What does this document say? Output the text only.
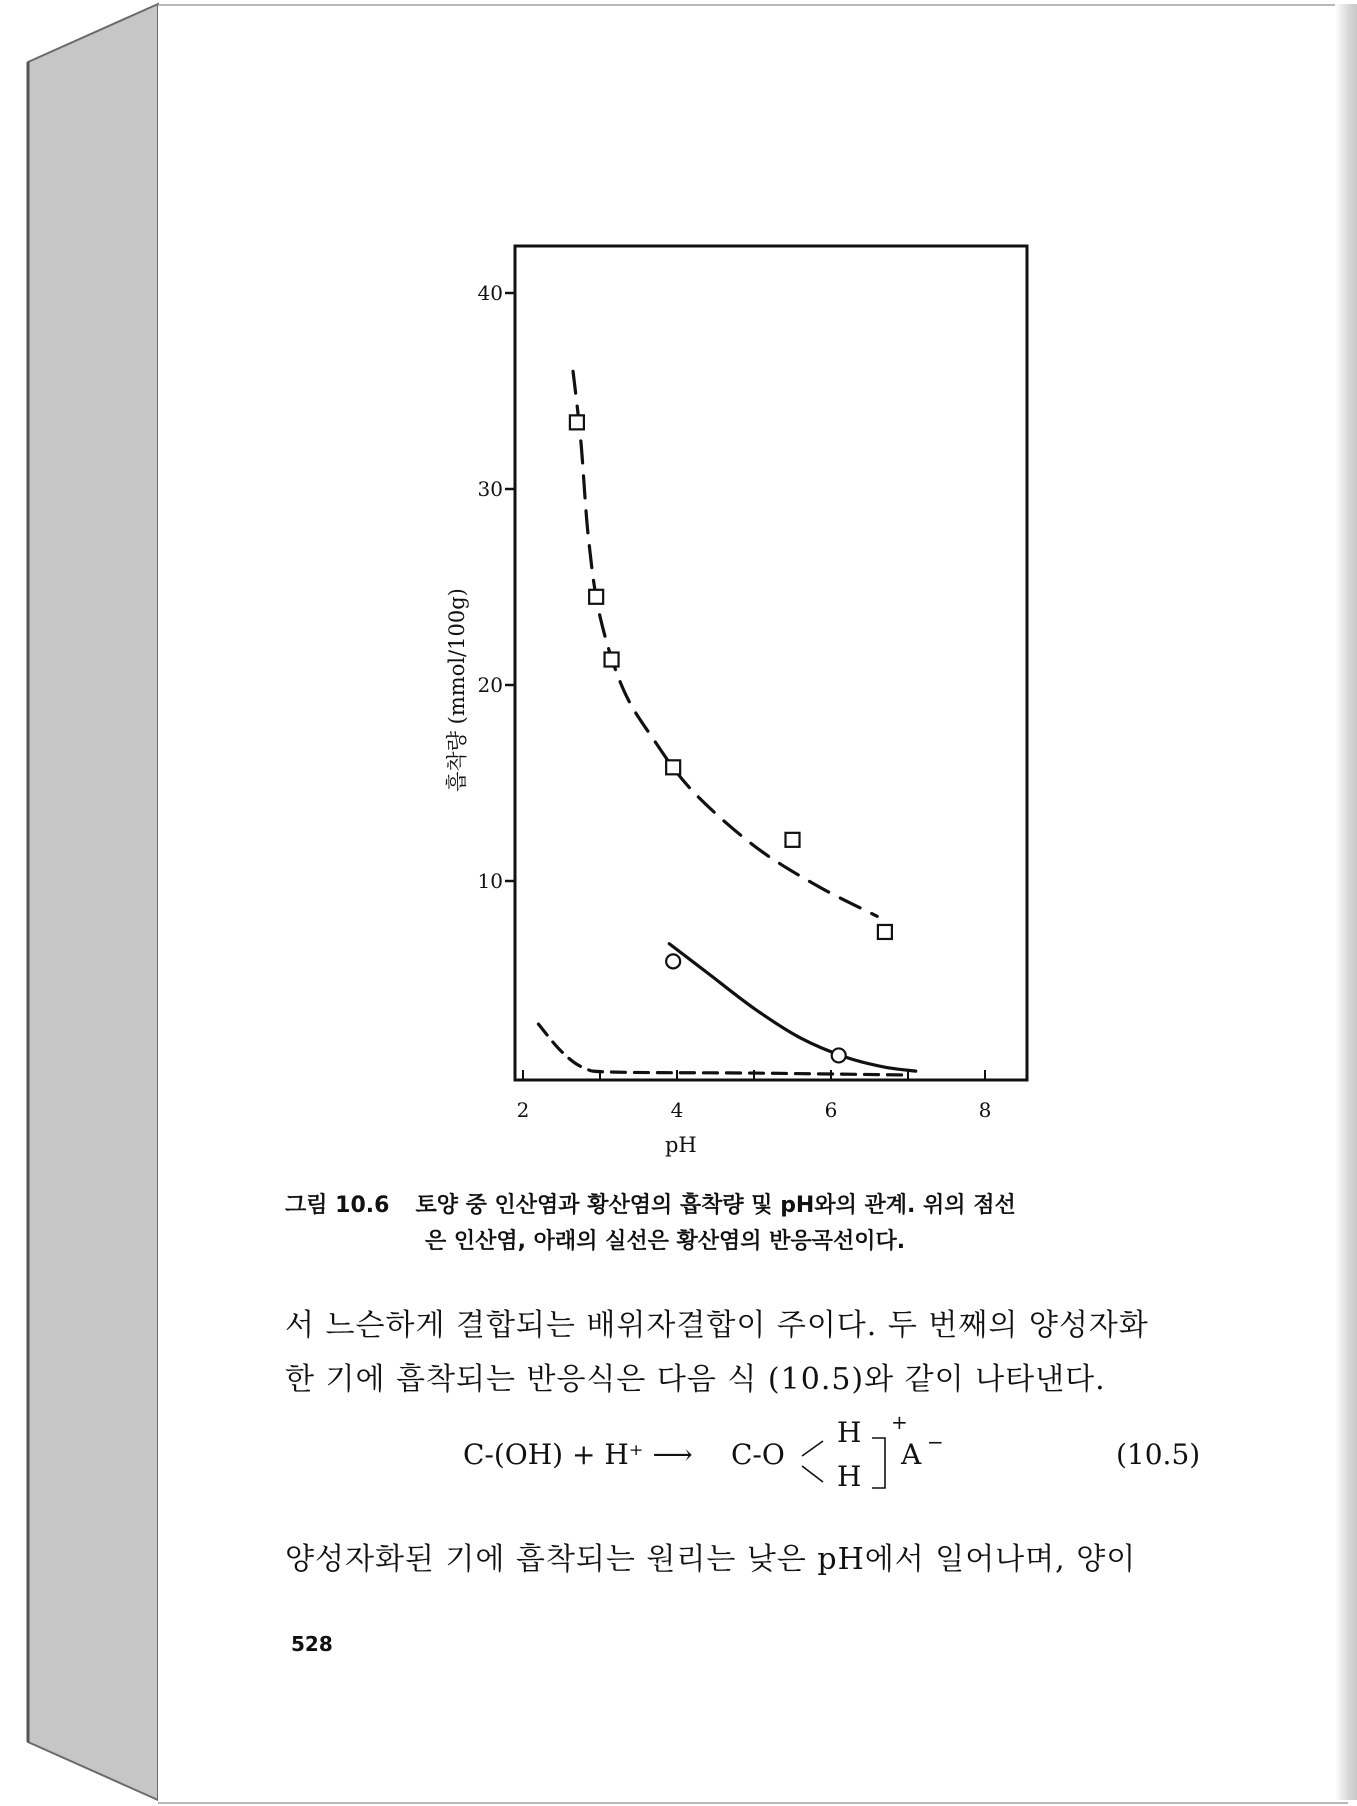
10
20
30
40
2	4	6	8
pH
흡착량 (mmol/100g)
그림 10.6 토양 중 인산염과 황산염의 흡착량 및 pH와의 관계. 위의 점선
은 인산염, 아래의 실선은 황산염의 반응곡선이다.
서 느슨하게 결합되는 배위자결합이 주이다. 두 번째의 양성자화
한 기에 흡착되는 반응식은 다음 식 (10.5)와 같이 나타낸다.
C-(OH) + H⁺ ⟶ C-O
H
H
+
A −	(10.5)
양성자화된 기에 흡착되는 원리는 낮은 pH에서 일어나며, 양이
528
